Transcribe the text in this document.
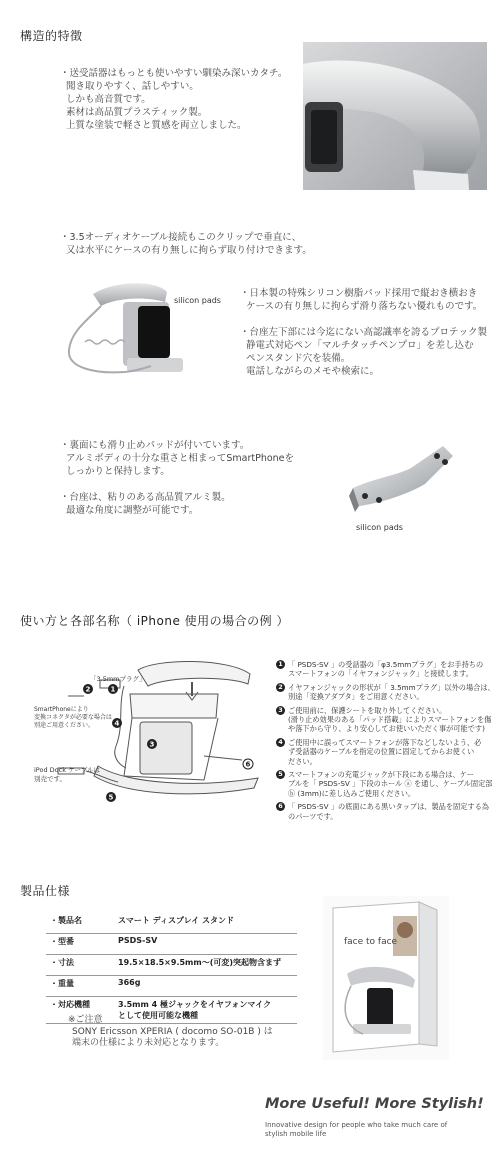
構造的特徴
・送受話器はもっとも使いやすい馴染み深いカタチ。
聞き取りやすく、話しやすい。
しかも高音質です。
素材は高品質プラスティック製。
上質な塗装で軽さと質感を両立しました。
・3.5オーディオケーブル接続もこのクリップで垂直に、
又は水平にケースの有り無しに拘らず取り付けできます。
silicon pads
・日本製の特殊シリコン樹脂パッド採用で縦おき横おき
ケースの有り無しに拘らず滑り落ちない優れものです。
・台座左下部には今迄にない高認識率を誇るプロテック製
静電式対応ペン「マルチタッチペンプロ」を差し込む
ペンスタンド穴を装備。
電話しながらのメモや検索に。
・裏面にも滑り止めパッドが付いています。
アルミボディの十分な重さと相まってSmartPhoneを
しっかりと保持します。
・台座は、粘りのある高品質アルミ製。
最適な角度に調整が可能です。
silicon pads
使い方と各部名称（ iPhone 使用の場合の例 ）
1
2
3
4
5
6
「3.5mmプラグ」
SmartPhoneにより
変換コネクタが必要な場合は
別途ご用意ください。
iPod Dock ケーブルは
別売です。
1 「 PSDS-SV 」の受話器の「φ3.5mmプラグ」をお手持ちの
スマートフォンの「イヤフォンジャック」と接続します。
2 イヤフォンジャックの形状が「 3.5mmプラグ」以外の場合は、
別途「変換アダプタ」をご用意ください。
3 ご使用前に、保護シートを取り外してください。
(滑り止め効果のある「パッド搭載」によりスマートフォンを傷
や落下から守り、より安心してお使いいただく事が可能です)
4 ご使用中に誤ってスマートフォンが落下などしないよう、必
ず受話器のケーブルを指定の位置に固定してからお使くい
ださい。
5 スマートフォンの充電ジャックが下段にある場合は、ケー
ブルを「 PSDS-SV 」下段のホール ⓐ を通し、ケーブル固定部
ⓑ (3mm)に差し込みご使用ください。
6 「 PSDS-SV 」の底面にある黒いタップは、製品を固定する為
のパーツです。
製品仕様
・製品名	スマート ディスプレイ スタンド

・型番	PSDS-SV

・寸法	19.5×18.5×9.5mm〜(可変)突起物含まず

・重量	366g

・対応機種	3.5mm 4 極ジャックをイヤフォンマイク
として使用可能な機種
※ご注意
SONY Ericsson XPERIA ( docomo SO-01B ) は
端末の仕様により未対応となります。
face to face
More Useful! More Stylish!
Innovative design for people who take much care of
stylish mobile life
